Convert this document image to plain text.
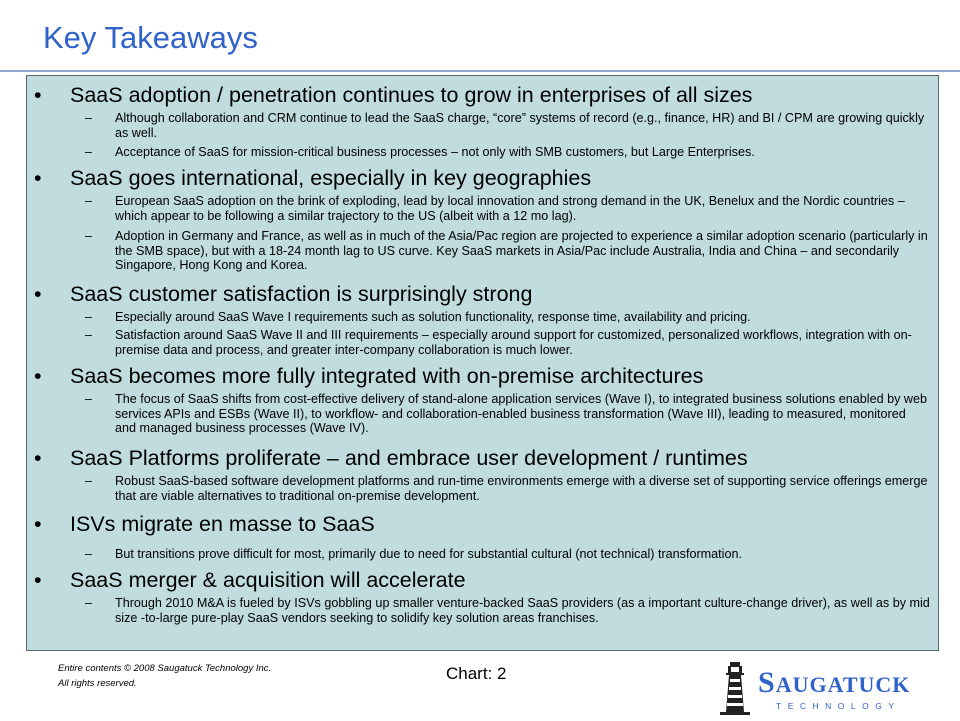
Key Takeaways
• SaaS adoption / penetration continues to grow in enterprises of all sizes
– Although collaboration and CRM continue to lead the SaaS charge, “core” systems of record (e.g., finance, HR) and BI / CPM are growing quickly as well.
– Acceptance of SaaS for mission-critical business processes – not only with SMB customers, but Large Enterprises.
• SaaS goes international, especially in key geographies
– European SaaS adoption on the brink of exploding, lead by local innovation and strong demand in the UK, Benelux and the Nordic countries – which appear to be following a similar trajectory to the US (albeit with a 12 mo lag).
– Adoption in Germany and France, as well as in much of the Asia/Pac region are projected to experience a similar adoption scenario (particularly in the SMB space), but with a 18-24 month lag to US curve. Key SaaS markets in Asia/Pac include Australia, India and China – and secondarily Singapore, Hong Kong and Korea.
• SaaS customer satisfaction is surprisingly strong
– Especially around SaaS Wave I requirements such as solution functionality, response time, availability and pricing.
– Satisfaction around SaaS Wave II and III requirements – especially around support for customized, personalized workflows, integration with on-premise data and process, and greater inter-company collaboration is much lower.
• SaaS becomes more fully integrated with on-premise architectures
– The focus of SaaS shifts from cost-effective delivery of stand-alone application services (Wave I), to integrated business solutions enabled by web services APIs and ESBs (Wave II), to workflow- and collaboration-enabled business transformation (Wave III), leading to measured, monitored and managed business processes (Wave IV).
• SaaS Platforms proliferate – and embrace user development / runtimes
– Robust SaaS-based software development platforms and run-time environments emerge with a diverse set of supporting service offerings emerge that are viable alternatives to traditional on-premise development.
• ISVs migrate en masse to SaaS
– But transitions prove difficult for most, primarily due to need for substantial cultural (not technical) transformation.
• SaaS merger & acquisition will accelerate
– Through 2010 M&A is fueled by ISVs gobbling up smaller venture-backed SaaS providers (as a important culture-change driver), as well as by mid size -to-large pure-play SaaS vendors seeking to solidify key solution areas franchises.
Entire contents © 2008 Saugatuck Technology Inc.
All rights reserved.
Chart: 2	SAUGATUCK
TECHNOLOGY
